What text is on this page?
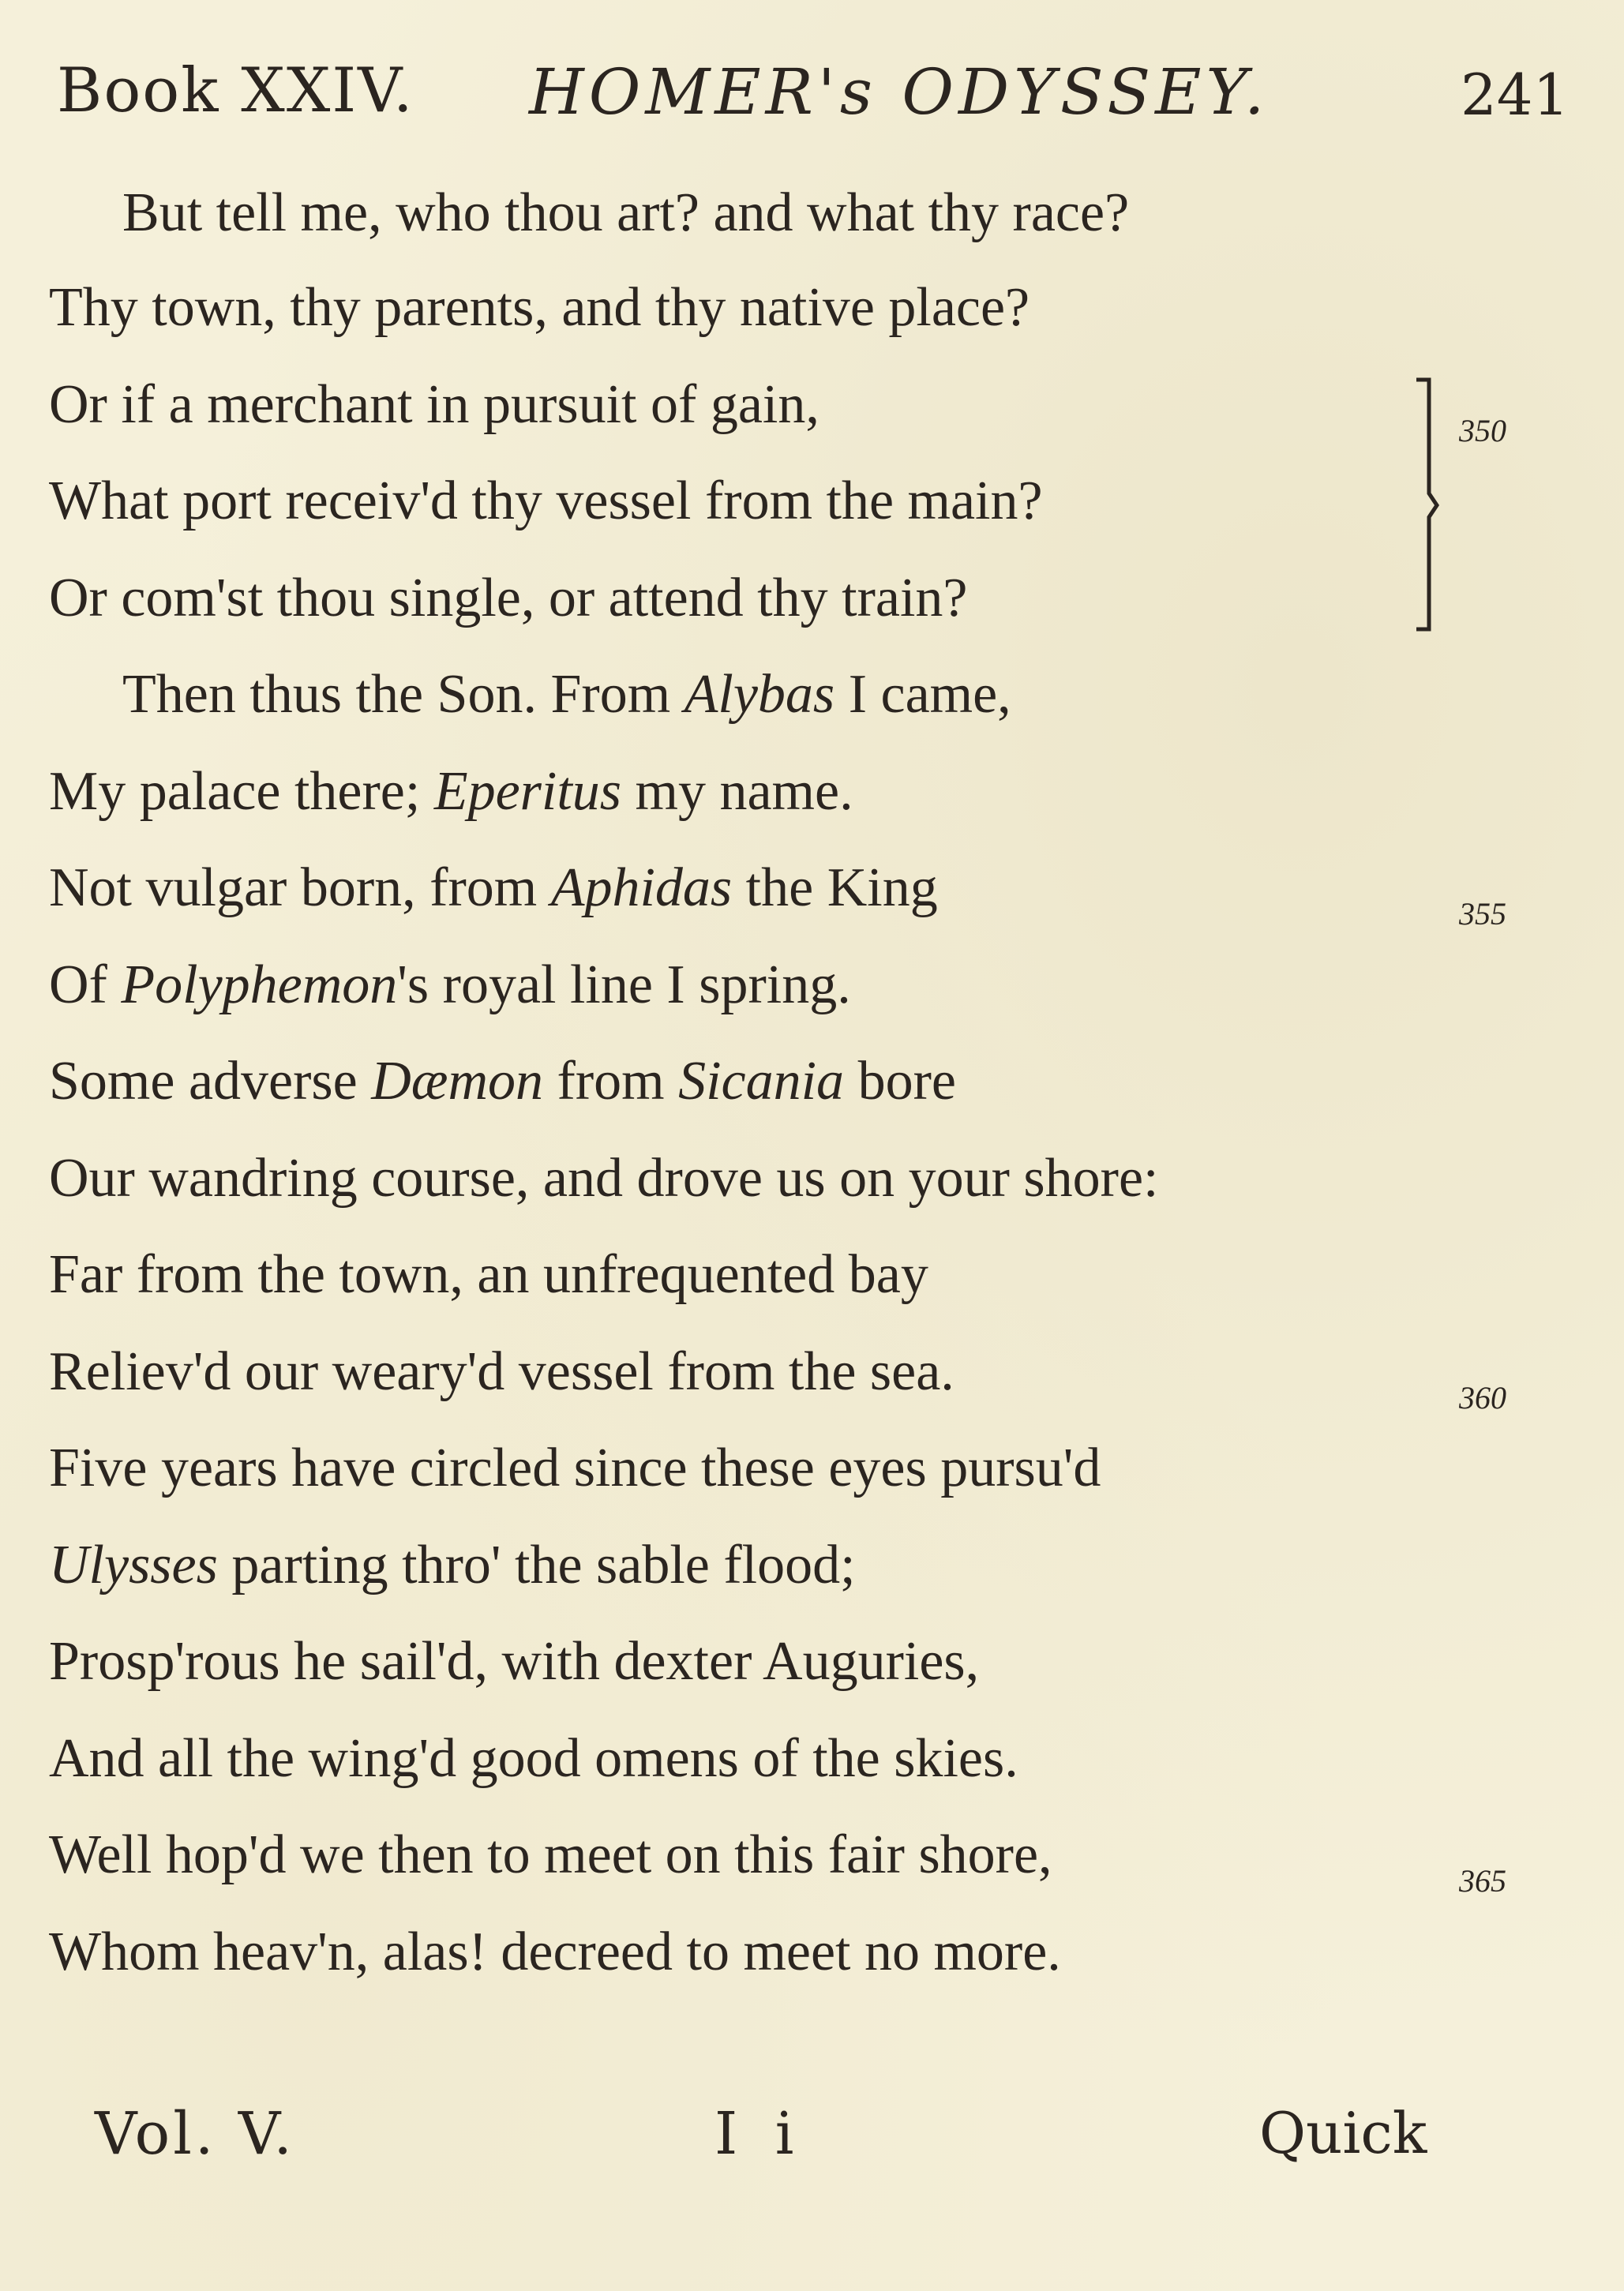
Book XXIV. HOMER's ODYSSEY.	241
But tell me, who thou art? and what thy race?
Thy town, thy parents, and thy native place?
Or if a merchant in pursuit of gain,
What port receiv'd thy vessel from the main?
Or com'st thou single, or attend thy train?
Then thus the Son. From Alybas I came,
My palace there; Eperitus my name.
Not vulgar born, from Aphidas the King
Of Polyphemon's royal line I spring.
Some adverse Dæmon from Sicania bore
Our wandring course, and drove us on your shore:
Far from the town, an unfrequented bay
Reliev'd our weary'd vessel from the sea.
Five years have circled since these eyes pursu'd
Ulysses parting thro' the sable flood;
Prosp'rous he sail'd, with dexter Auguries,
And all the wing'd good omens of the skies.
Well hop'd we then to meet on this fair shore,
Whom heav'n, alas! decreed to meet no more.
350
355
360
365
Vol. V.	I i	Quick
